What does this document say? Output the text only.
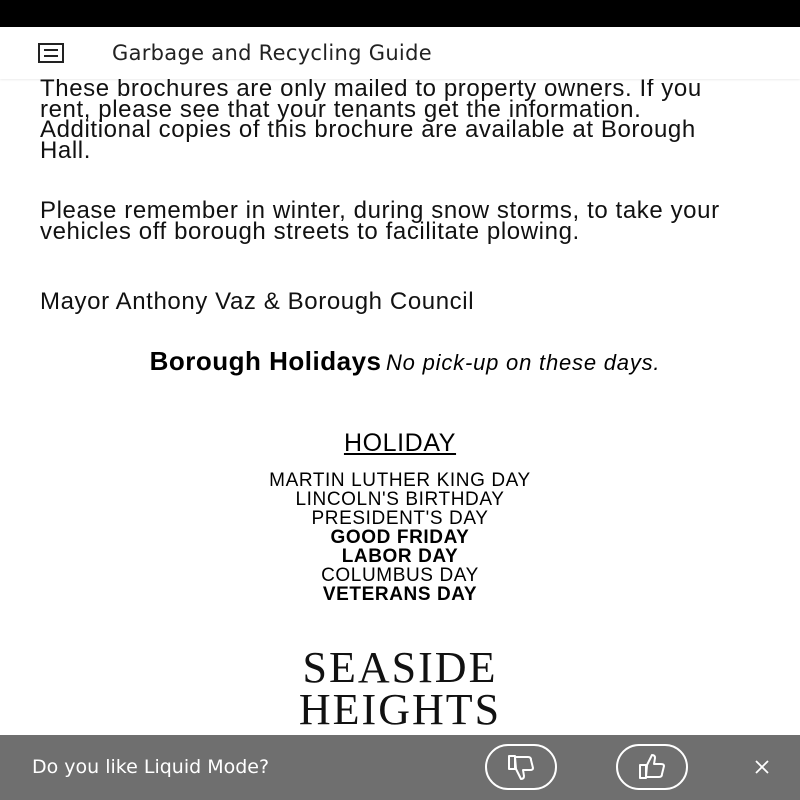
Garbage and Recycling Guide

These brochures are only mailed to property owners. If you rent, please see that your tenants get the information. Additional copies of this brochure are available at Borough Hall.

Please remember in winter, during snow storms, to take your vehicles off borough streets to facilitate plowing.

Mayor Anthony Vaz & Borough Council

Borough Holidays No pick-up on these days.
HOLIDAY
MARTIN LUTHER KING DAY
LINCOLN'S BIRTHDAY
PRESIDENT'S DAY
GOOD FRIDAY
LABOR DAY
COLUMBUS DAY
VETERANS DAY
SEASIDE
HEIGHTS
Do you like Liquid Mode?
